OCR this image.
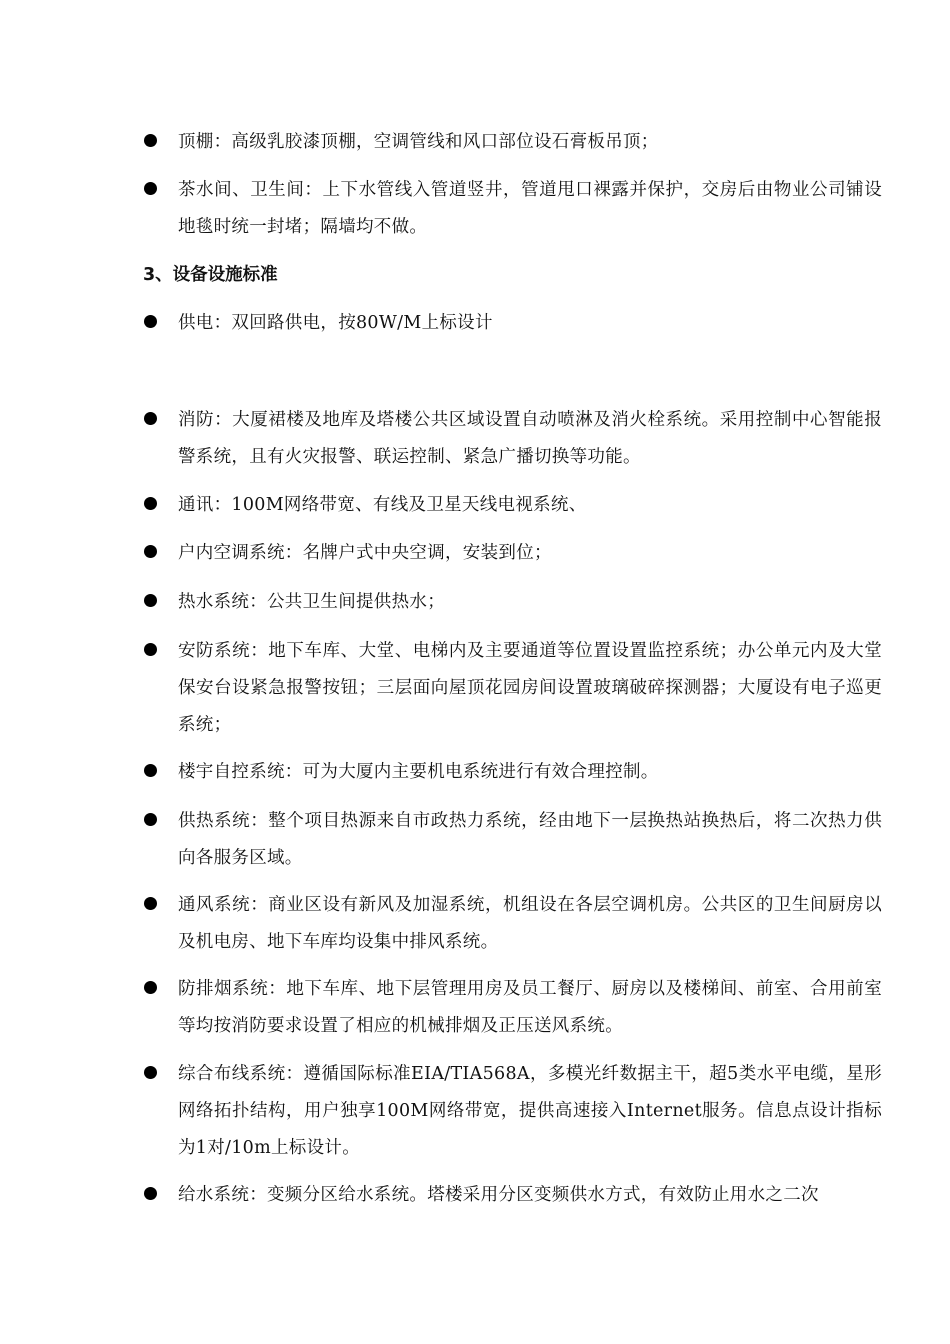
顶棚：高级乳胶漆顶棚，空调管线和风口部位设石膏板吊顶；
茶水间、卫生间：上下水管线入管道竖井，管道甩口裸露并保护，交房后由物业公司铺设地毯时统一封堵；隔墙均不做。
3、设备设施标准
供电：双回路供电，按80W/M上标设计
消防：大厦裙楼及地库及塔楼公共区域设置自动喷淋及消火栓系统。采用控制中心智能报警系统，且有火灾报警、联运控制、紧急广播切换等功能。
通讯：100M网络带宽、有线及卫星天线电视系统、
户内空调系统：名牌户式中央空调，安装到位；
热水系统：公共卫生间提供热水；
安防系统：地下车库、大堂、电梯内及主要通道等位置设置监控系统；办公单元内及大堂保安台设紧急报警按钮；三层面向屋顶花园房间设置玻璃破碎探测器；大厦设有电子巡更系统；
楼宇自控系统：可为大厦内主要机电系统进行有效合理控制。
供热系统：整个项目热源来自市政热力系统，经由地下一层换热站换热后，将二次热力供向各服务区域。
通风系统：商业区设有新风及加湿系统，机组设在各层空调机房。公共区的卫生间厨房以及机电房、地下车库均设集中排风系统。
防排烟系统：地下车库、地下层管理用房及员工餐厅、厨房以及楼梯间、前室、合用前室等均按消防要求设置了相应的机械排烟及正压送风系统。
综合布线系统：遵循国际标准EIA/TIA568A，多模光纤数据主干，超5类水平电缆，星形网络拓扑结构，用户独享100M网络带宽，提供高速接入Internet服务。信息点设计指标为1对/10m上标设计。
给水系统：变频分区给水系统。塔楼采用分区变频供水方式，有效防止用水之二次
